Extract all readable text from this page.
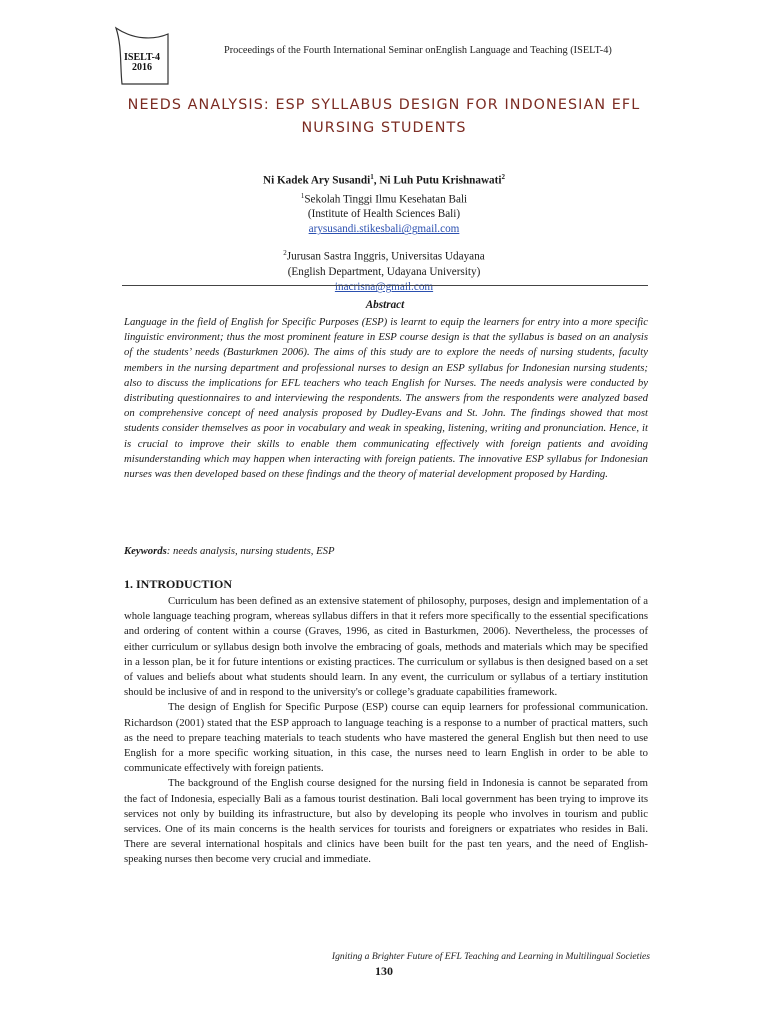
ISELT-4
2016
Proceedings of the Fourth International Seminar onEnglish Language and Teaching (ISELT-4)
NEEDS ANALYSIS: ESP SYLLABUS DESIGN FOR INDONESIAN EFL
NURSING STUDENTS
Ni Kadek Ary Susandi$^1$, Ni Luh Putu Krishnawati$^2$
$^1$Sekolah Tinggi Ilmu Kesehatan Bali
(Institute of Health Sciences Bali)
arysusandi.stikesbali@gmail.com
$^2$Jurusan Sastra Inggris, Universitas Udayana
(English Department, Udayana University)
inacrisna@gmail.com
Abstract
Language in the field of English for Specific Purposes (ESP) is learnt to equip the learners for entry into a more specific linguistic environment; thus the most prominent feature in ESP course design is that the syllabus is based on an analysis of the students’ needs (Basturkmen 2006). The aims of this study are to explore the needs of nursing students, faculty members in the nursing department and professional nurses to design an ESP syllabus for Indonesian nursing students; also to discuss the implications for EFL teachers who teach English for Nurses. The needs analysis were conducted by distributing questionnaires to and interviewing the respondents. The answers from the respondents were analyzed based on comprehensive concept of need analysis proposed by Dudley-Evans and St. John. The findings showed that most students consider themselves as poor in vocabulary and weak in speaking, listening, writing and pronunciation. Hence, it is crucial to improve their skills to enable them communicating effectively with foreign patients and avoiding misunderstanding which may happen when interacting with foreign patients. The innovative ESP syllabus for Indonesian nurses was then developed based on these findings and the theory of material development proposed by Harding.
Keywords: needs analysis, nursing students, ESP
1. INTRODUCTION

Curriculum has been defined as an extensive statement of philosophy, purposes, design and implementation of a whole language teaching program, whereas syllabus differs in that it refers more specifically to the essential specifications and ordering of content within a course (Graves, 1996, as cited in Basturkmen, 2006). Nevertheless, the processes of either curriculum or syllabus design both involve the embracing of goals, methods and materials which may be specified in a lesson plan, be it for future intentions or existing practices. The curriculum or syllabus is then designed based on a set of values and beliefs about what students should learn. In any event, the curriculum or syllabus of a tertiary institution should be inclusive of and in respond to the university's or college’s graduate capabilities framework.

The design of English for Specific Purpose (ESP) course can equip learners for professional communication. Richardson (2001) stated that the ESP approach to language teaching is a response to a number of practical matters, such as the need to prepare teaching materials to teach students who have mastered the general English but then need to use English for a more specific working situation, in this case, the nurses need to learn English in order to be able to communicate effectively with foreign patients.

The background of the English course designed for the nursing field in Indonesia is cannot be separated from the fact of Indonesia, especially Bali as a famous tourist destination. Bali local government has been trying to improve its services not only by building its infrastructure, but also by developing its people who involves in tourism and public services. One of its main concerns is the health services for tourists and foreigners or expatriates who resides in Bali. There are several international hospitals and clinics have been built for the past ten years, and the need of English-speaking nurses then become very crucial and immediate.

Igniting a Brighter Future of EFL Teaching and Learning in Multilingual Societies
130
